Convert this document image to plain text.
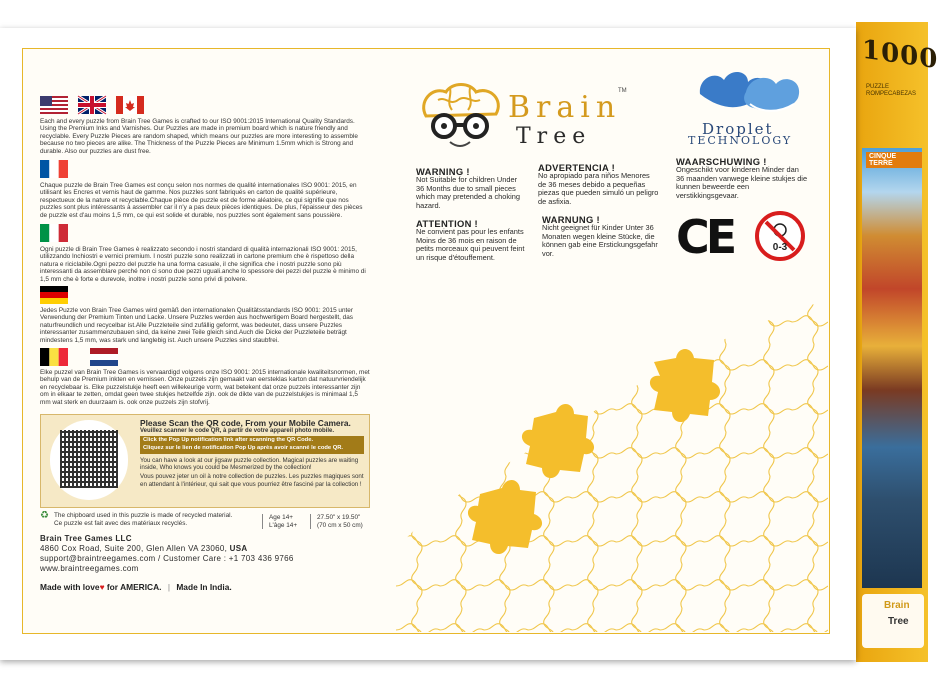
1000
PUZZLE
ROMPECABEZAS
CINQUE TERRE
Brain
Tree
Each and every puzzle from Brain Tree Games is crafted to our ISO 9001:2015 International Quality Standards. Using the Premium Inks and Varnishes. Our Puzzles are made in premium board which is nature friendly and recyclable. Every Puzzle Pieces are random shaped, which means our puzzles are more interesting to assemble because no two pieces are alike. The Thickness of the Puzzle Pieces are Minimum 1.5mm which is Strong and durable. Also our puzzles are dust free.
Chaque puzzle de Brain Tree Games est conçu selon nos normes de qualité internationales ISO 9001: 2015, en utilisant les Encres et vernis haut de gamme. Nos puzzles sont fabriqués en carton de qualité supérieure, respectueux de la nature et recyclable.Chaque pièce de puzzle est de forme aléatoire, ce qui signifie que nos puzzles sont plus intéressants à assembler car il n'y a pas deux pièces identiques. De plus, l'épaisseur des pièces de puzzle est d'au moins 1,5 mm, ce qui est solide et durable, nos puzzles sont également sans poussière.
Ogni puzzle di Brain Tree Games è realizzato secondo i nostri standard di qualità internazionali ISO 9001: 2015, utilizzando Inchiostri e vernici premium. I nostri puzzle sono realizzati in cartone premium che è rispettoso della natura e riciclabile.Ogni pezzo del puzzle ha una forma casuale, il che significa che i nostri puzzle sono più interessanti da assemblare perché non ci sono due pezzi uguali.anche lo spessore dei pezzi del puzzle è minimo di 1,5 mm che è forte e durevole, inoltre i nostri puzzle sono privi di polvere.
Jedes Puzzle von Brain Tree Games wird gemäß den internationalen Qualitätsstandards ISO 9001: 2015 unter Verwendung der Premium Tinten und Lacke. Unsere Puzzles werden aus hochwertigem Board hergestellt, das naturfreundlich und recycelbar ist.Alle Puzzleteile sind zufällig geformt, was bedeutet, dass unsere Puzzles interessanter zusammenzubauen sind, da keine zwei Teile gleich sind.Auch die Dicke der Puzzleteile beträgt mindestens 1,5 mm, was stark und langlebig ist. Auch unsere Puzzles sind staubfrei.
Elke puzzel van Brain Tree Games is vervaardigd volgens onze ISO 9001: 2015 internationale kwaliteitsnormen, met behulp van de Premium inkten en vernissen. Onze puzzels zijn gemaakt van eersteklas karton dat natuurvriendelijk en recyclebaar is. Elke puzzelstukje heeft een willekeurige vorm, wat betekent dat onze puzzels interessanter zijn om in elkaar te zetten, omdat geen twee stukjes hetzelfde zijn. ook de dikte van de puzzelstukjes is minimaal 1,5 mm wat sterk en duurzaam is. ook onze puzzels zijn stofvrij.
Please Scan the QR code, From your Mobile Camera.
Veuillez scanner le code QR, à partir de votre appareil photo mobile.
Click the Pop Up notification link after scanning the QR Code.
Cliquez sur le lien de notification Pop Up après avoir scanné le code QR.
You can have a look at our jigsaw puzzle collection. Magical puzzles are waiting inside, Who knows you could be Mesmerized by the collection!
Vous pouvez jeter un oil à notre collection de puzzles. Les puzzles magiques sont en attendant à l'intérieur, qui sait que vous pourriez être fasciné par la collection !
♻ The chipboard used in this puzzle is made of recycled material.
Ce puzzle est fait avec des matériaux recyclés.
Age 14+
L'âge 14+
27.50" x 19.50"
(70 cm x 50 cm)
Brain Tree Games LLC
4860 Cox Road, Suite 200, Glen Allen VA 23060, USA
support@braintreegames.com / Customer Care : +1 703 436 9766
www.braintreegames.com
Made with love♥ for AMERICA. | Made In India.
Brain
TM
Tree	Droplet
TECHNOLOGY
WARNING !
Not Suitable for children Under 36 Months due to small pieces which may pretended a choking hazard.
ADVERTENCIA !
No apropiado para niños Menores de 36 meses debido a pequeñas piezas que pueden simuló un peligro de asfixia.
WAARSCHUWING !
Ongeschikt voor kinderen Minder dan 36 maanden vanwege kleine stukjes die kunnen beweerde een verstikkingsgevaar.
ATTENTION !
Ne convient pas pour les enfants Moins de 36 mois en raison de petits morceaux qui peuvent feint un risque d'étouffement.
WARNUNG !
Nicht geeignet für Kinder Unter 36 Monaten wegen kleine Stücke, die können gab eine Erstickungsgefahr vor.	CE	0-3
